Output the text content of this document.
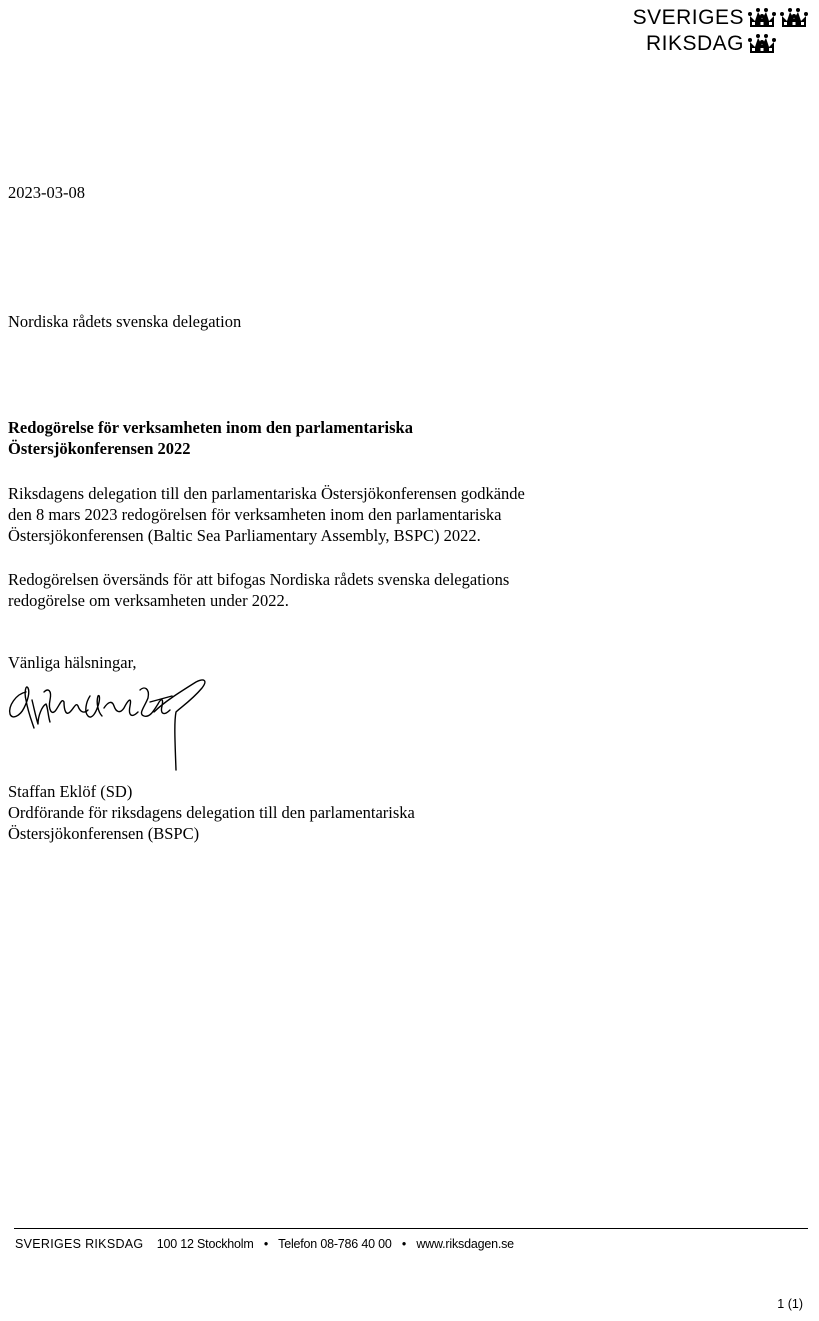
SVERIGES
RIKSDAG
2023-03-08
Nordiska rådets svenska delegation
Redogörelse för verksamheten inom den parlamentariska
Östersjökonferensen 2022
Riksdagens delegation till den parlamentariska Östersjökonferensen godkände
den 8 mars 2023 redogörelsen för verksamheten inom den parlamentariska
Östersjökonferensen (Baltic Sea Parliamentary Assembly, BSPC) 2022.
Redogörelsen översänds för att bifogas Nordiska rådets svenska delegations
redogörelse om verksamheten under 2022.
Vänliga hälsningar,
Staffan Eklöf (SD)
Ordförande för riksdagens delegation till den parlamentariska
Östersjökonferensen (BSPC)
SVERIGES RIKSDAG 100 12 Stockholm • Telefon 08-786 40 00 • www.riksdagen.se
1 (1)
